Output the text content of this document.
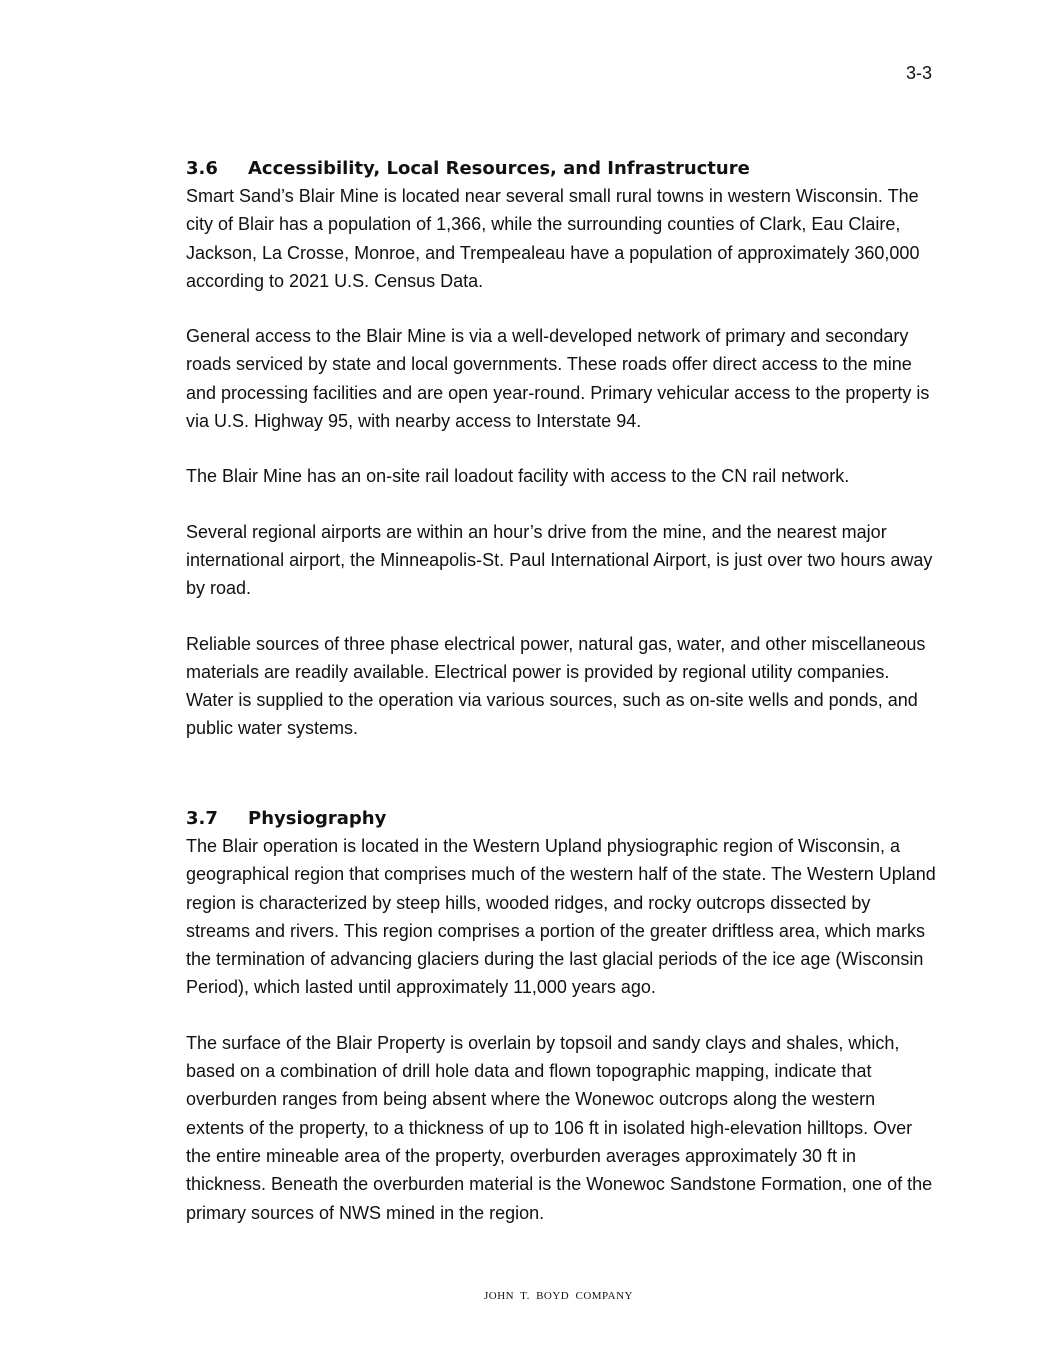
3-3
3.6	Accessibility, Local Resources, and Infrastructure

Smart Sand’s Blair Mine is located near several small rural towns in western Wisconsin. The city of Blair has a population of 1,366, while the surrounding counties of Clark, Eau Claire, Jackson, La Crosse, Monroe, and Trempealeau have a population of approximately 360,000 according to 2021 U.S. Census Data.

General access to the Blair Mine is via a well-developed network of primary and secondary roads serviced by state and local governments. These roads offer direct access to the mine and processing facilities and are open year-round. Primary vehicular access to the property is via U.S. Highway 95, with nearby access to Interstate 94.

The Blair Mine has an on-site rail loadout facility with access to the CN rail network.

Several regional airports are within an hour’s drive from the mine, and the nearest major international airport, the Minneapolis-St. Paul International Airport, is just over two hours away by road.

Reliable sources of three phase electrical power, natural gas, water, and other miscellaneous materials are readily available. Electrical power is provided by regional utility companies. Water is supplied to the operation via various sources, such as on-site wells and ponds, and public water systems.

3.7	Physiography

The Blair operation is located in the Western Upland physiographic region of Wisconsin, a geographical region that comprises much of the western half of the state. The Western Upland region is characterized by steep hills, wooded ridges, and rocky outcrops dissected by streams and rivers. This region comprises a portion of the greater driftless area, which marks the termination of advancing glaciers during the last glacial periods of the ice age (Wisconsin Period), which lasted until approximately 11,000 years ago.

The surface of the Blair Property is overlain by topsoil and sandy clays and shales, which, based on a combination of drill hole data and flown topographic mapping, indicate that overburden ranges from being absent where the Wonewoc outcrops along the western extents of the property, to a thickness of up to 106 ft in isolated high-elevation hilltops. Over the entire mineable area of the property, overburden averages approximately 30 ft in thickness. Beneath the overburden material is the Wonewoc Sandstone Formation, one of the primary sources of NWS mined in the region.

JOHN T. BOYD COMPANY
